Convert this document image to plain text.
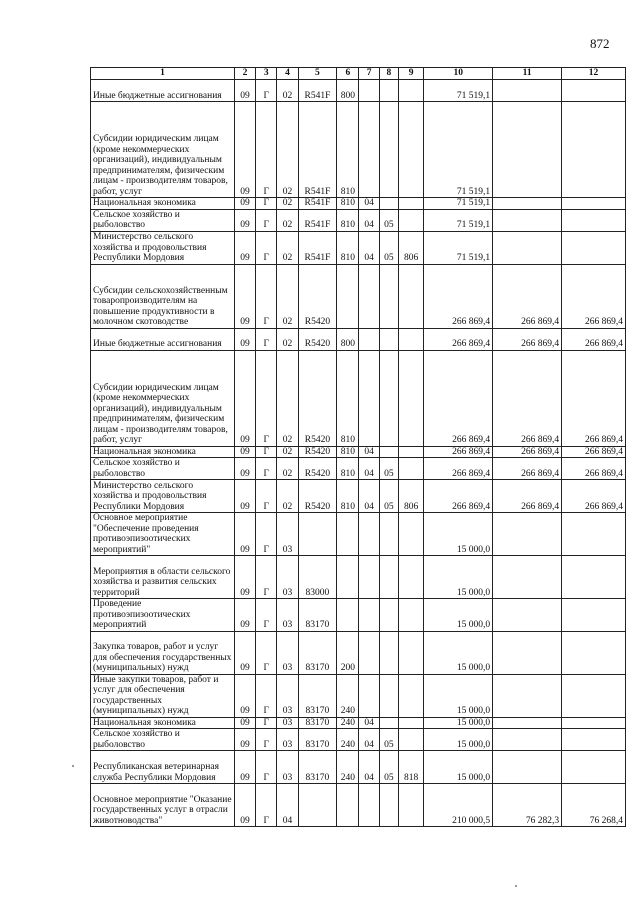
872
1	2	3	4	5	6	7	8	9	10	11	12
Иные бюджетные ассигнования	09	Г	02	R541F	800				71 519,1		
Субсидии юридическим лицам (кроме некоммерческих организаций), индивидуальным предпринимателям, физическим лицам - производителям товаров, работ, услуг	09	Г	02	R541F	810				71 519,1		
Национальная экономика	09	Г	02	R541F	810	04			71 519,1		
Сельское хозяйство и рыболовство	09	Г	02	R541F	810	04	05		71 519,1		
Министерство сельского хозяйства и продовольствия Республики Мордовия	09	Г	02	R541F	810	04	05	806	71 519,1		
Субсидии сельскохозяйственным товаропроизводителям на повышение продуктивности в молочном скотоводстве	09	Г	02	R5420					266 869,4	266 869,4	266 869,4
Иные бюджетные ассигнования	09	Г	02	R5420	800				266 869,4	266 869,4	266 869,4
Субсидии юридическим лицам (кроме некоммерческих организаций), индивидуальным предпринимателям, физическим лицам - производителям товаров, работ, услуг	09	Г	02	R5420	810				266 869,4	266 869,4	266 869,4
Национальная экономика	09	Г	02	R5420	810	04			266 869,4	266 869,4	266 869,4
Сельское хозяйство и рыболовство	09	Г	02	R5420	810	04	05		266 869,4	266 869,4	266 869,4
Министерство сельского хозяйства и продовольствия Республики Мордовия	09	Г	02	R5420	810	04	05	806	266 869,4	266 869,4	266 869,4
Основное мероприятие "Обеспечение проведения противоэпизоотических мероприятий"	09	Г	03						15 000,0		
Мероприятия в области сельского хозяйства и развития сельских территорий	09	Г	03	83000					15 000,0		
Проведение противоэпизоотических мероприятий	09	Г	03	83170					15 000,0		
Закупка товаров, работ и услуг для обеспечения государственных (муниципальных) нужд	09	Г	03	83170	200				15 000,0		
Иные закупки товаров, работ и услуг для обеспечения государственных (муниципальных) нужд	09	Г	03	83170	240				15 000,0		
Национальная экономика	09	Г	03	83170	240	04			15 000,0		
Сельское хозяйство и рыболовство	09	Г	03	83170	240	04	05		15 000,0		
Республиканская ветеринарная служба Республики Мордовия	09	Г	03	83170	240	04	05	818	15 000,0		
Основное мероприятие "Оказание государственных услуг в отрасли животноводства"	09	Г	04						210 000,5	76 282,3	76 268,4
